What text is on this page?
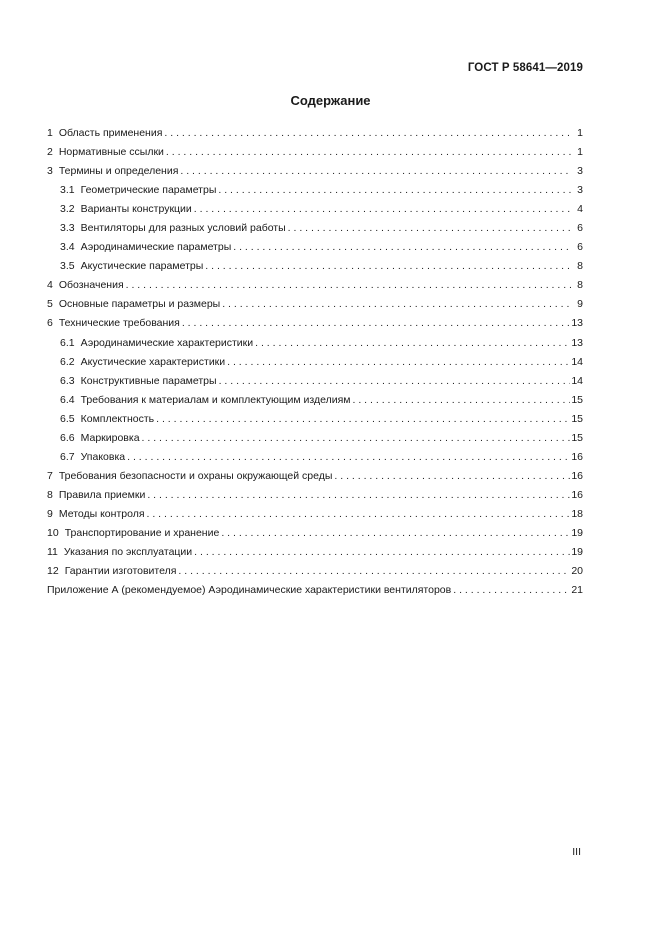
ГОСТ Р 58641—2019
Содержание
1 Область применения . . .	1
2 Нормативные ссылки . . .	1
3 Термины и определения . . .	3
3.1 Геометрические параметры . . .	3
3.2 Варианты конструкции . . .	4
3.3 Вентиляторы для разных условий работы . . .	6
3.4 Аэродинамические параметры . . .	6
3.5 Акустические параметры . . .	8
4 Обозначения . . .	8
5 Основные параметры и размеры . . .	9
6 Технические требования . . .	13
6.1 Аэродинамические характеристики . . .	13
6.2 Акустические характеристики . . .	14
6.3 Конструктивные параметры . . .	14
6.4 Требования к материалам и комплектующим изделиям . . .	15
6.5 Комплектность . . .	15
6.6 Маркировка . . .	15
6.7 Упаковка . . .	16
7 Требования безопасности и охраны окружающей среды . . .	16
8 Правила приемки . . .	16
9 Методы контроля . . .	18
10 Транспортирование и хранение . . .	19
11 Указания по эксплуатации . . .	19
12 Гарантии изготовителя . . .	20
Приложение А (рекомендуемое) Аэродинамические характеристики вентиляторов . . .	21
III
